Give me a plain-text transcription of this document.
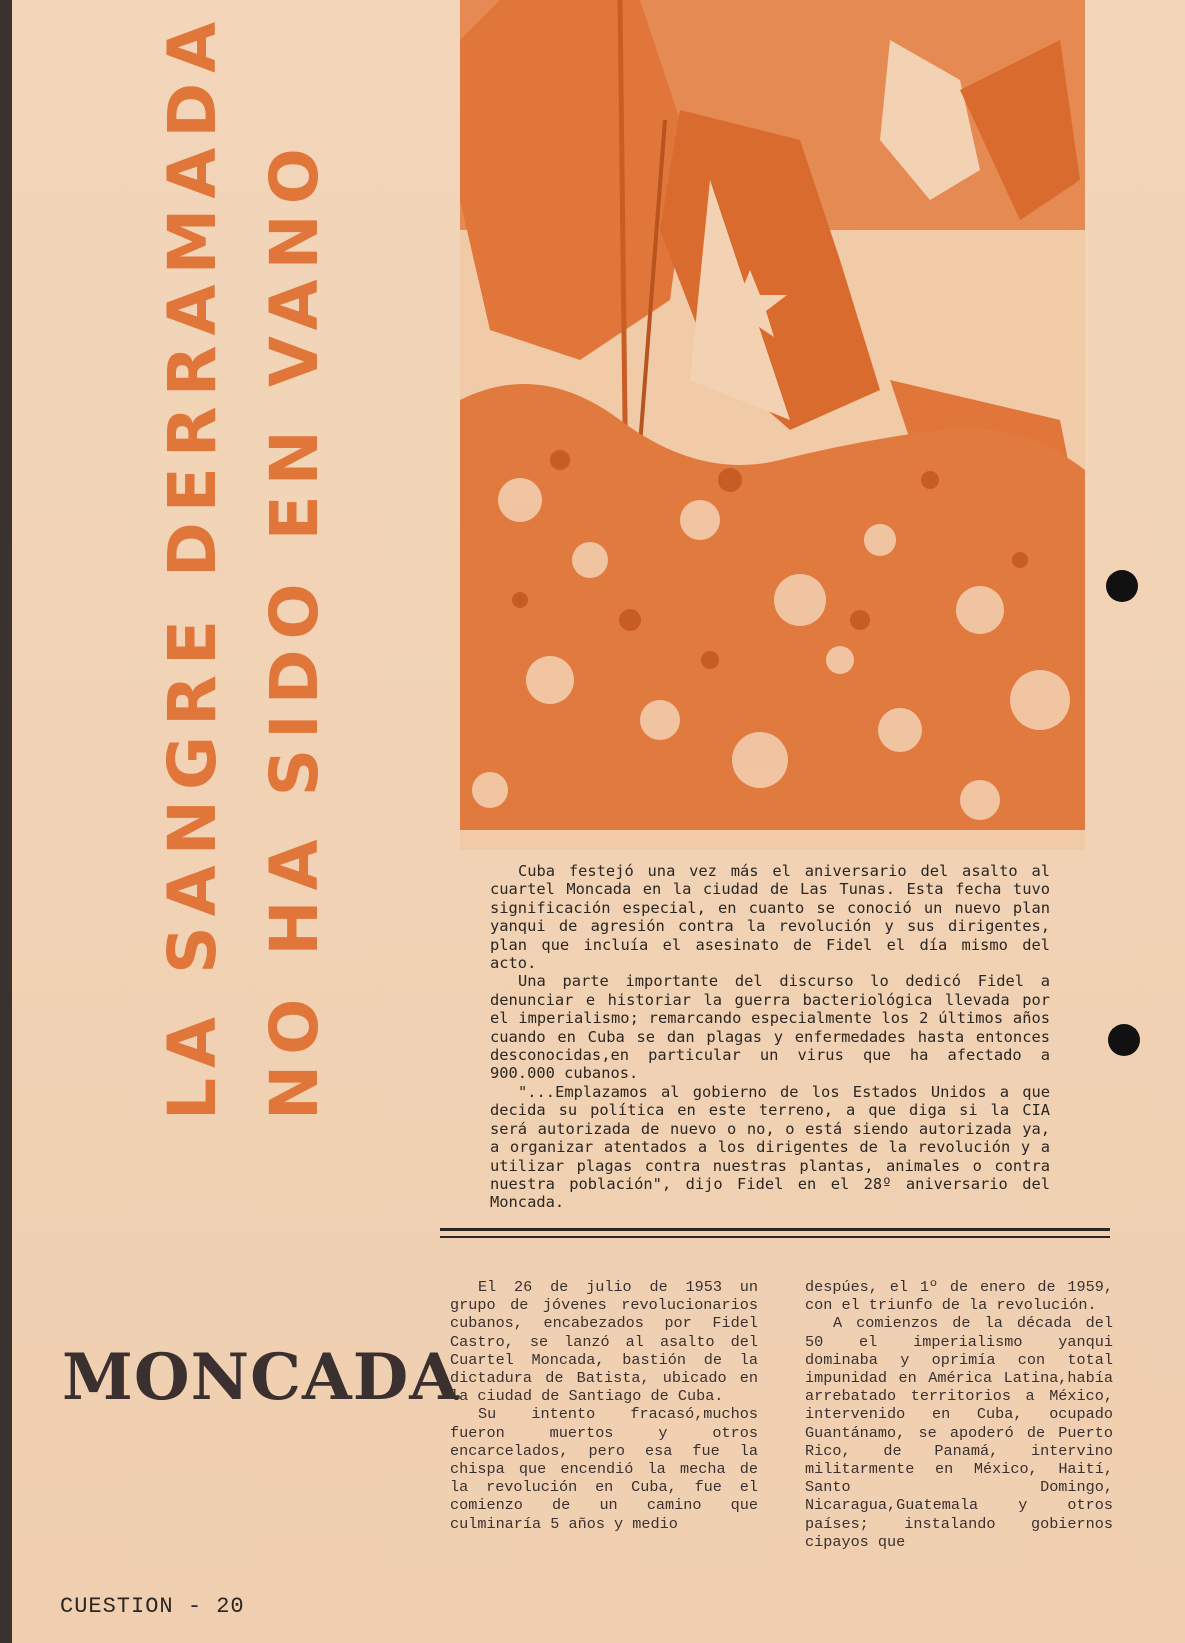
LA SANGRE DERRAMADA NO HA SIDO EN VANO	Cuba festejó una vez más el aniversario del asalto al cuartel Moncada en la ciudad de Las Tunas. Esta fecha tuvo significación especial, en cuanto se conoció un nuevo plan yanqui de agresión contra la revolución y sus dirigentes, plan que incluía el asesinato de Fidel el día mismo del acto.

Una parte importante del discurso lo dedicó Fidel a denunciar e historiar la guerra bacteriológica llevada por el imperialismo; remarcando especialmente los 2 últimos años cuando en Cuba se dan plagas y enfermedades hasta entonces desconocidas,en particular un virus que ha afectado a 900.000 cubanos.

"...Emplazamos al gobierno de los Estados Unidos a que decida su política en este terreno, a que diga si la CIA será autorizada de nuevo o no, o está siendo autorizada ya, a organizar atentados a los dirigentes de la revolución y a utilizar plagas contra nuestras plantas, animales o contra nuestra población", dijo Fidel en el 28º aniversario del Moncada.

MONCADA

El 26 de julio de 1953 un grupo de jóvenes revolucionarios cubanos, encabezados por Fidel Castro, se lanzó al asalto del Cuartel Moncada, bastión de la dictadura de Batista, ubicado en la ciudad de Santiago de Cuba.

Su intento fracasó,muchos fueron muertos y otros encarcelados, pero esa fue la chispa que encendió la mecha de la revolución en Cuba, fue el comienzo de un camino que culminaría 5 años y medio

despúes, el 1º de enero de 1959, con el triunfo de la revolución.

A comienzos de la década del 50 el imperialismo yanqui dominaba y oprimía con total impunidad en América Latina,había arrebatado territorios a México, intervenido en Cuba, ocupado Guantánamo, se apoderó de Puerto Rico, de Panamá, intervino militarmente en México, Haití, Santo Domingo, Nicaragua,Guatemala y otros países; instalando gobiernos cipayos que

CUESTION - 20
